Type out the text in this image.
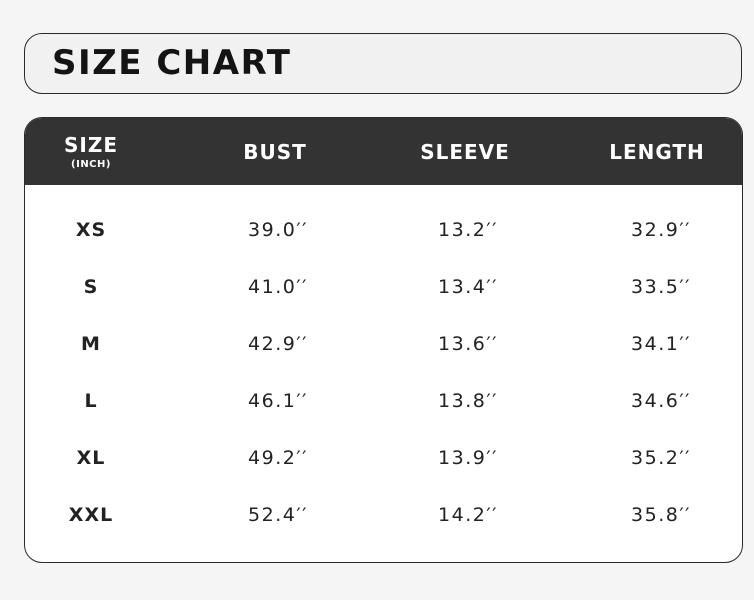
SIZE CHART
SIZE
(INCH)
BUST	SLEEVE	LENGTH
XS	39.0′′	13.2′′	32.9′′
S	41.0′′	13.4′′	33.5′′
M	42.9′′	13.6′′	34.1′′
L	46.1′′	13.8′′	34.6′′
XL	49.2′′	13.9′′	35.2′′
XXL	52.4′′	14.2′′	35.8′′
